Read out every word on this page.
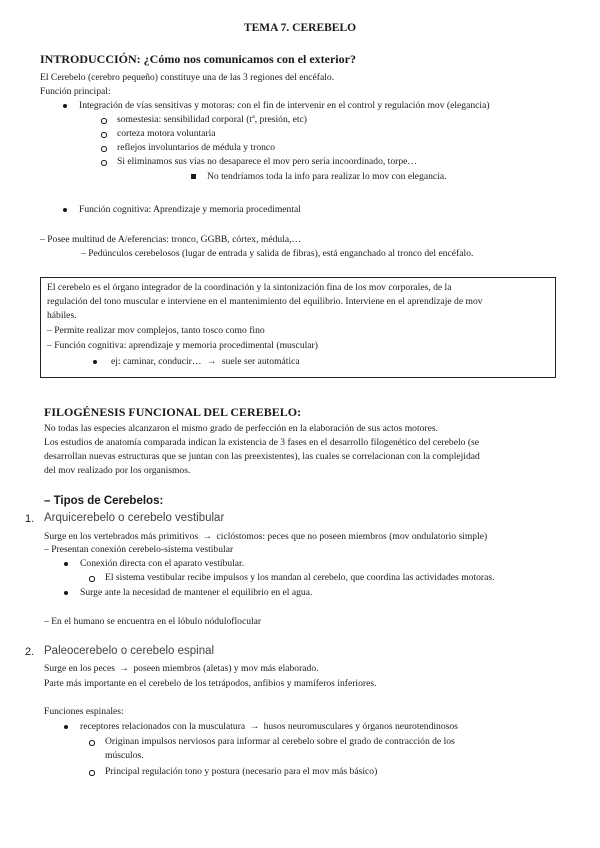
TEMA 7. CEREBELO
INTRODUCCIÓN: ¿Cómo nos comunicamos con el exterior?
El Cerebelo (cerebro pequeño) constituye una de las 3 regiones del encéfalo.
Función principal:
Integración de vías sensitivas y motoras: con el fin de intervenir en el control y regulación mov (elegancia)
somestesia: sensibilidad corporal (tª, presión, etc)
corteza motora voluntaria
reflejos involuntarios de médula y tronco
Si eliminamos sus vías no desaparece el mov pero sería incoordinado, torpe…
No tendríamos toda la info para realizar lo mov con elegancia.
Función cognitiva: Aprendizaje y memoria procedimental
– Posee multitud de A/eferencias: tronco, GGBB, córtex, médula,…
– Pedúnculos cerebelosos (lugar de entrada y salida de fibras), está enganchado al tronco del encéfalo.
El cerebelo es el órgano integrador de la coordinación y la sintonización fina de los mov corporales, de la
regulación del tono muscular e interviene en el mantenimiento del equilibrio. Interviene en el aprendizaje de mov
hábiles.
– Permite realizar mov complejos, tanto tosco como fino
– Función cognitiva: aprendizaje y memoria procedimental (muscular)
ej: caminar, conducir… → suele ser automática
FILOGÉNESIS FUNCIONAL DEL CEREBELO:
No todas las especies alcanzaron el mismo grado de perfección en la elaboración de sus actos motores.
Los estudios de anatomía comparada indican la existencia de 3 fases en el desarrollo filogenético del cerebelo (se
desarrollan nuevas estructuras que se juntan con las preexistentes), las cuales se correlacionan con la complejidad
del mov realizado por los organismos.
– Tipos de Cerebelos:
1. Arquicerebelo o cerebelo vestibular
Surge en los vertebrados más primitivos → ciclóstomos: peces que no poseen miembros (mov ondulatorio simple)
– Presentan conexión cerebelo-sistema vestibular
Conexión directa con el aparato vestibular.
El sistema vestibular recibe impulsos y los mandan al cerebelo, que coordina las actividades motoras.
Surge ante la necesidad de mantener el equilibrio en el agua.
– En el humano se encuentra en el lóbulo nóduloflocular
2. Paleocerebelo o cerebelo espinal
Surge en los peces → poseen miembros (aletas) y mov más elaborado.
Parte más importante en el cerebelo de los tetrápodos, anfibios y mamíferos inferiores.
Funciones espinales:
receptores relacionados con la musculatura → husos neuromusculares y órganos neurotendinosos
Originan impulsos nerviosos para informar al cerebelo sobre el grado de contracción de los
músculos.
Principal regulación tono y postura (necesario para el mov más básico)
